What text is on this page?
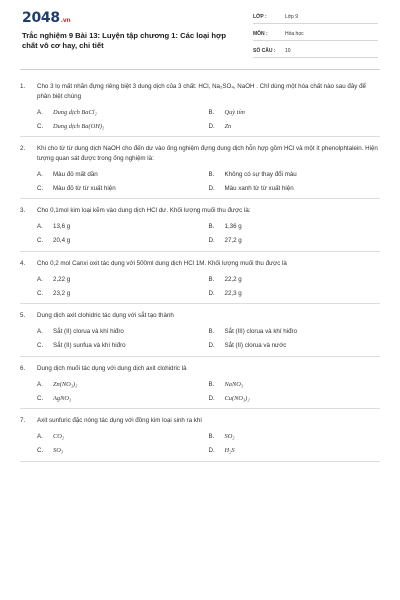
2048.vn
Trắc nghiệm 9 Bài 13: Luyện tập chương 1: Các loại hợp chất vô cơ hay, chi tiết
LỚP :	Lớp 9
MÔN :	Hóa học
SỐ CÂU :	10
1. Cho 3 lọ mất nhãn đựng riêng biệt 3 dung dịch của 3 chất: HCl, Na₂SO₄, NaOH . Chỉ dùng một hóa chất nào sau đây để phân biệt chúng
A.	Dung dịch BaCl₂	B.	Quỳ tím
C.	Dung dịch Ba(OH)₂	D.	Zn
2. Khi cho từ từ dung dịch NaOH cho đến dư vào ống nghiệm đựng dung dịch hỗn hợp gồm HCl và một ít phenolphtalein. Hiện tượng quan sát được trong ống nghiệm là:
A.	Màu đỏ mất dần	B.	Không có sự thay đổi màu
C.	Màu đỏ từ từ xuất hiện	D.	Màu xanh từ từ xuất hiện
3. Cho 0,1mol kim loại kẽm vào dung dịch HCl dư. Khối lượng muối thu được là:
A.	13,6 g	B.	1,36 g
C.	20,4 g	D.	27,2 g
4. Cho 0,2 mol Canxi oxit tác dụng với 500ml dung dịch HCl 1M. Khối lượng muối thu được là
A.	2,22 g	B.	22,2 g
C.	23,2 g	D.	22,3 g
5. Dung dịch axit clohidric tác dụng với sắt tạo thành
A.	Sắt (II) clorua và khí hiđro	B.	Sắt (III) clorua và khí hiđro
C.	Sắt (II) sunfua và khí hiđro	D.	Sắt (II) clorua và nước
6. Dung dịch muối tác dụng với dung dịch axit clohidric là
A.	Zn(NO₃)₂	B.	NaNO₃
C.	AgNO₃	D.	Cu(NO₃)₂
7. Axit sunfuric đặc nóng tác dụng với đồng kim loại sinh ra khí
A.	CO₂	B.	SO₂
C.	SO₃	D.	H₂S
